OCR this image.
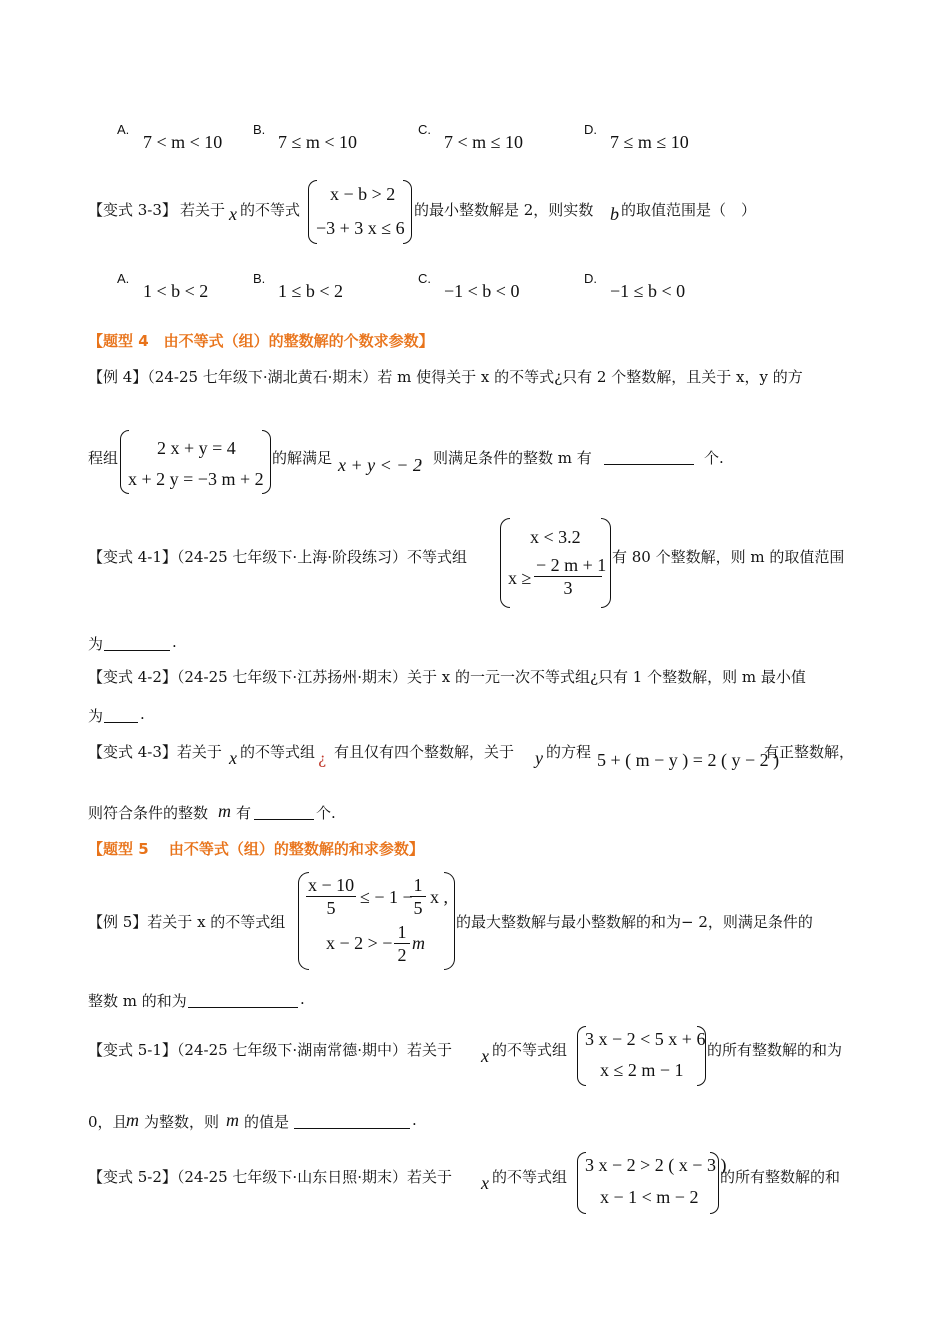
A.
7 < m < 10
B.
7 ≤ m < 10
C.
7 < m ≤ 10
D.
7 ≤ m ≤ 10
【变式 3-3】 若关于 x 的不等式
x − b > 2
−3 + 3 x ≤ 6
的最小整数解是 2，则实数 b 的取值范围是（　）
A.
1 < b < 2
B.
1 ≤ b < 2
C.
−1 < b < 0
D.
−1 ≤ b < 0
【题型 4　由不等式（组）的整数解的个数求参数】
【例 4】（24-25 七年级下·湖北黄石·期末）若 m 使得关于 x 的不等式¿只有 2 个整数解，且关于 x，y 的方
程组 2 x + y = 4
x + 2 y = −3 m + 2
的解满足 x + y < − 2
，则满足条件的整数 m 有	个.
【变式 4-1】（24-25 七年级下·上海·阶段练习）不等式组
x < 3.2
$x \ge \frac{- 2 m + 1}{3}$ 有 80 个整数解，则 m 的取值范围
为	.
【变式 4-2】（24-25 七年级下·江苏扬州·期末）关于 x 的一元一次不等式组¿只有 1 个整数解，则 m 最小值
为 .
【变式 4-3】若关于 x 的不等式组 ¿ 有且仅有四个整数解，关于 y 的方程 5 + ( m − y ) = 2 ( y − 2 )
有正整数解，
则符合条件的整数 m 有	个.
【题型 5　 由不等式（组）的整数解的和求参数】
【例 5】若关于 x 的不等式组
$\frac{x - 10}{5}$ ≤ − 1 −
$\frac{1}{5}$ x ,
x − 2 > − $\frac{1}{2}$ m
的最大整数解与最小整数解的和为− 2，则满足条件的
整数 m 的和为	.
【变式 5-1】（24-25 七年级下·湖南常德·期中）若关于 x 的不等式组
3 x − 2 < 5 x + 6
x ≤ 2 m − 1
的所有整数解的和为
0，且
m 为整数，则 m 的值是	.
【变式 5-2】（24-25 七年级下·山东日照·期末）若关于 x 的不等式组
3 x − 2 > 2 ( x − 3 )
x − 1 < m − 2
的所有整数解的和
